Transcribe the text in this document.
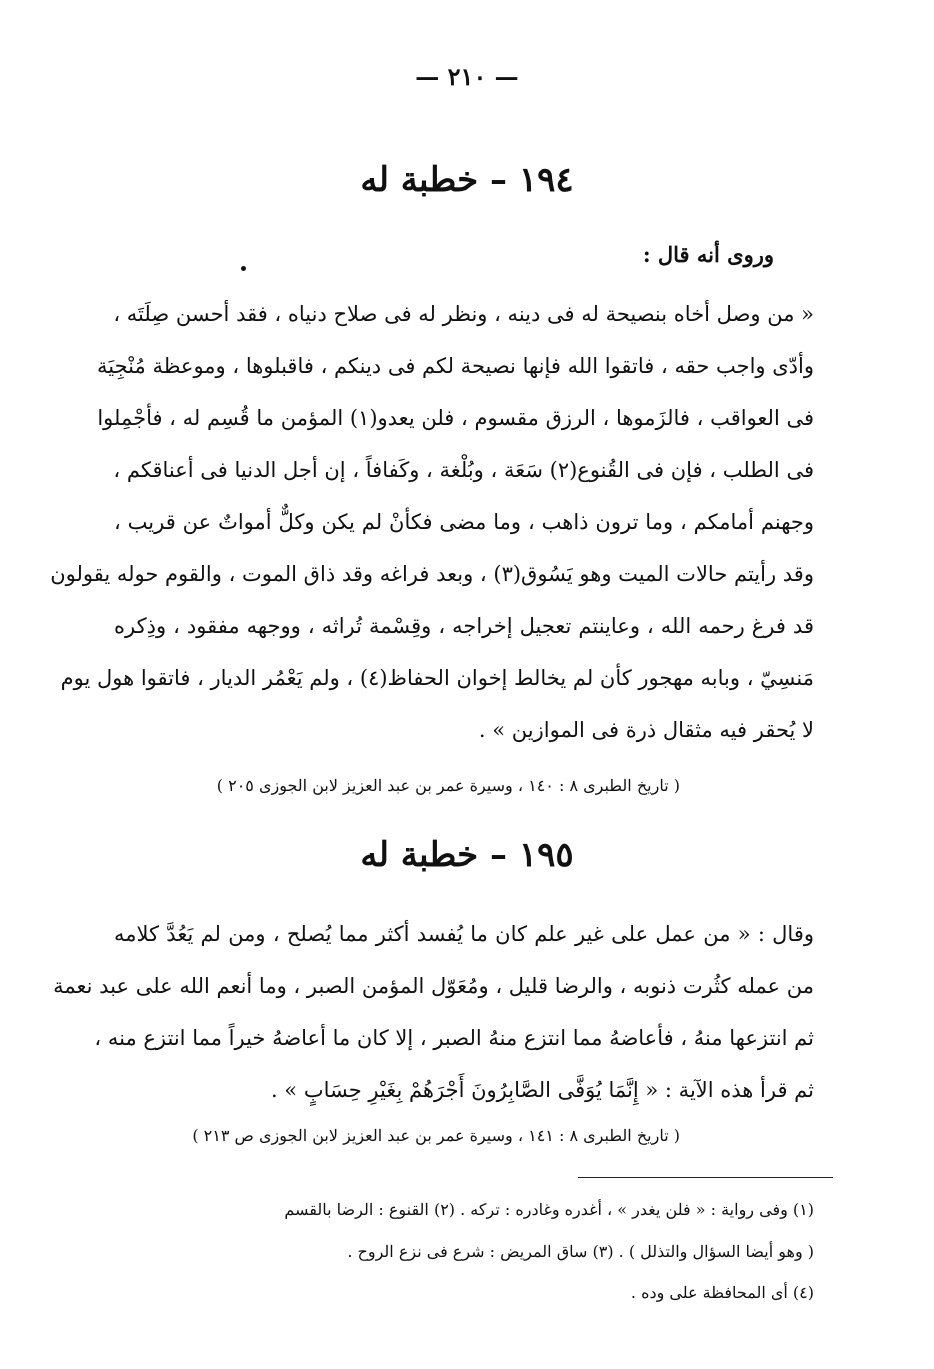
— ٢١٠ —
١٩٤ – خطبة له
وروى أنه قال :
« من وصل أخاه بنصيحة له فى دينه ، ونظر له فى صلاح دنياه ، فقد أحسن صِلَتَه ،
وأدّى واجب حقه ، فاتقوا الله فإنها نصيحة لكم فى دينكم ، فاقبلوها ، وموعظة مُنْجِيَة
فى العواقب ، فالزَموها ، الرزق مقسوم ، فلن يعدو(١) المؤمن ما قُسِم له ، فأجْمِلوا
فى الطلب ، فإن فى القُنوع(٢) سَعَة ، وبُلْغة ، وكَفافاً ، إن أجل الدنيا فى أعناقكم ،
وجهنم أمامكم ، وما ترون ذاهب ، وما مضى فكأنْ لم يكن وكلٌّ أمواتٌ عن قريب ،
وقد رأيتم حالات الميت وهو يَسُوق(٣) ، وبعد فراغه وقد ذاق الموت ، والقوم حوله يقولون
قد فرغ رحمه الله ، وعاينتم تعجيل إخراجه ، وقِسْمة تُراثه ، ووجهه مفقود ، وذِكره
مَنسِيّ ، وبابه مهجور كأن لم يخالط إخوان الحفاظ(٤) ، ولم يَعْمُر الديار ، فاتقوا هول يوم
لا يُحقر فيه مثقال ذرة فى الموازين » .
( تاريخ الطبرى ٨ : ١٤٠ ، وسيرة عمر بن عبد العزيز لابن الجوزى ٢٠٥ )
١٩٥ – خطبة له
وقال : « من عمل على غير علم كان ما يُفسد أكثر مما يُصلح ، ومن لم يَعُدَّ كلامه
من عمله كثُرت ذنوبه ، والرضا قليل ، ومُعَوّل المؤمن الصبر ، وما أنعم الله على عبد نعمة
ثم انتزعها منهُ ، فأعاضهُ مما انتزع منهُ الصبر ، إلا كان ما أعاضهُ خيراً مما انتزع منه ،
ثم قرأ هذه الآية : « إِنَّمَا يُوَفَّى الصَّابِرُونَ أَجْرَهُمْ بِغَيْرِ حِسَابٍ » .
( تاريخ الطبرى ٨ : ١٤١ ، وسيرة عمر بن عبد العزيز لابن الجوزى ص ٢١٣ )
(١) وفى رواية : « فلن يغدر » ، أغدره وغادره : تركه . (٢) القنوع : الرضا بالقسم
( وهو أيضا السؤال والتذلل ) . (٣) ساق المريض : شرع فى نزع الروح .
(٤) أى المحافظة على وده .
